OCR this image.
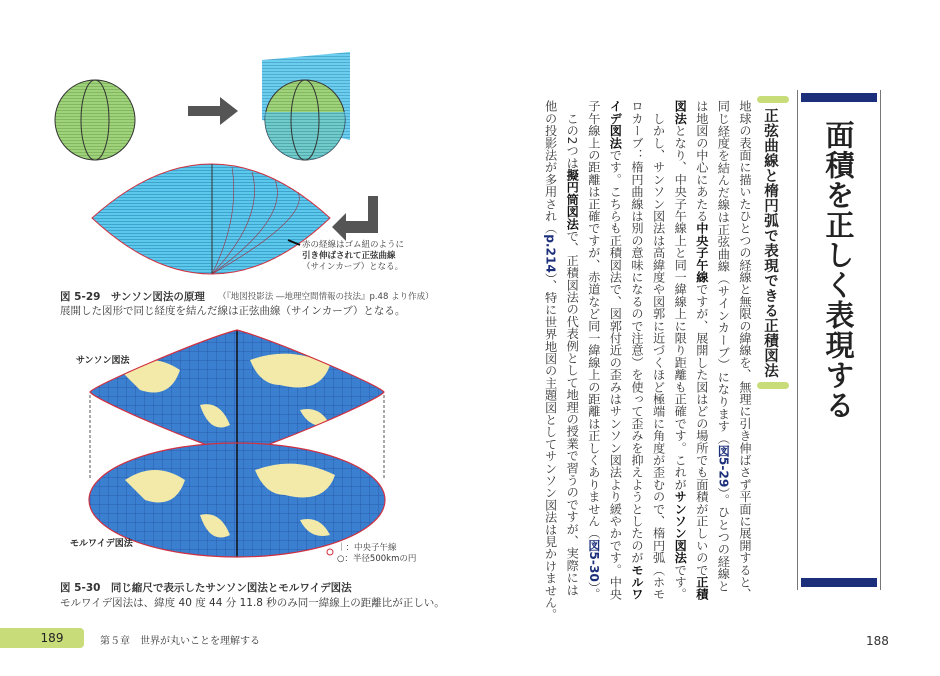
赤の経線はゴム紐のように
引き伸ばされて正弦曲線
（サインカーブ）となる。
図 5-29　サンソン図法の原理 （『地図投影法 ―地理空間情報の技法』p.48 より作成）
展開した図形で同じ経度を結んだ線は正弦曲線（サインカーブ）となる。
サンソン図法
モルワイデ図法	｜：中央子午線
○：半径500kmの円
図 5-30　同じ縮尺で表示したサンソン図法とモルワイデ図法
モルワイデ図法は、緯度 40 度 44 分 11.8 秒のみ同一緯線上の距離比が正しい。
189	第５章　世界が丸いことを理解する
面積を正しく表現する
正弦曲線と楕円弧で表現できる正積図法
地球の表面に描いたひとつの経線と無限の緯線を、無理に引き伸ばさず平面に展開すると、
同じ経度を結んだ線は正弦曲線（サインカーブ）になります（図5-29）。ひとつの経線と
は地図の中心にあたる中央子午線ですが、展開した図はどの場所でも面積が正しいので正積
図法となり、中央子午線上と同一緯線上に限り距離も正確です。これがサンソン図法です。
　しかし、サンソン図法は高緯度や図郭に近づくほど極端に角度が歪むので、楕円弧（ホモ
ロカーブ：楕円曲線は別の意味になるので注意）を使って歪みを抑えようとしたのがモルワ
イデ図法です。こちらも正積図法で、図郭付近の歪みはサンソン図法より緩やかです。中央
子午線上の距離は正確ですが、赤道など同一緯線上の距離は正しくありません（図5-30）。
　この2つは擬円筒図法で、正積図法の代表例として地理の授業で習うのですが、実際には
他の投影法が多用され（p.214）、特に世界地図の主題図としてサンソン図法は見かけません。
188
